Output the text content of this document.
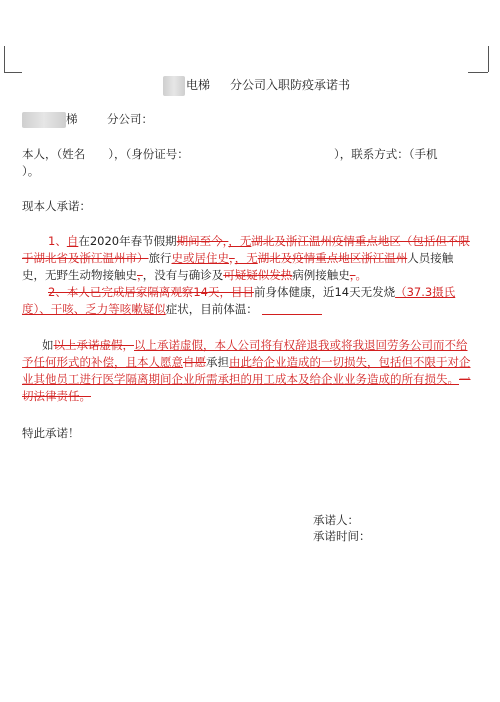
电梯 分公司入职防疫承诺书
梯	分公司：
本人，（姓名　　），（身份证号：	），联系方式：（手机
）。
现本人承诺：
1、自在2020年春节假期期间至今，，无湖北及浙江温州疫情重点地区（包括但不限
于湖北省及浙江温州市）旅行史或居住史，，无湖北及疫情重点地区浙江温州人员接触
史，无野生动物接触史，，没有与确诊及可疑疑似发热病例接触史，。
2、本人已完成居家隔离观察14天，目目前身体健康，近14天无发烧（37.3摄氏
度）、干咳、乏力等咳嗽疑似症状，目前体温：
如以上承诺虚假，以上承诺虚假，本人公司将有权辞退我或将我退回劳务公司而不给
予任何形式的补偿，且本人愿意自愿承担由此给企业造成的一切损失，包括但不限于对企
业其他员工进行医学隔离期间企业所需承担的用工成本及给企业业务造成的所有损失。一
切法律责任。
特此承诺！
承诺人：
承诺时间：
